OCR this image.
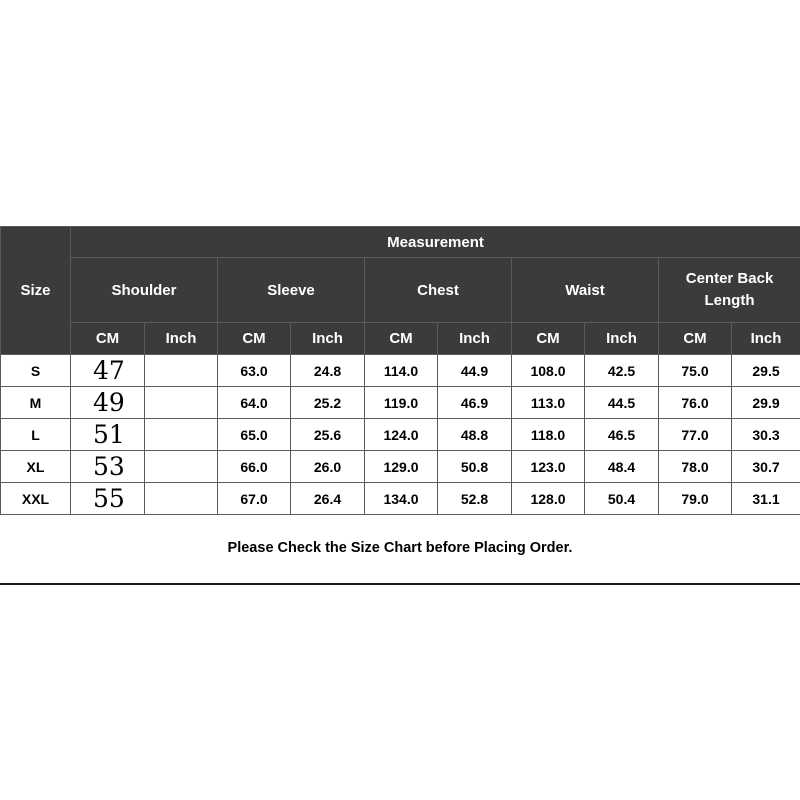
Size	Measurement									
	Shoulder		Sleeve		Chest		Waist		Center Back Length	
	CM	Inch	CM	Inch	CM	Inch	CM	Inch	CM	Inch
S	47		63.0	24.8	114.0	44.9	108.0	42.5	75.0	29.5
M	49		64.0	25.2	119.0	46.9	113.0	44.5	76.0	29.9
L	51		65.0	25.6	124.0	48.8	118.0	46.5	77.0	30.3
XL	53		66.0	26.0	129.0	50.8	123.0	48.4	78.0	30.7
XXL	55		67.0	26.4	134.0	52.8	128.0	50.4	79.0	31.1
Please Check the Size Chart before Placing Order.
